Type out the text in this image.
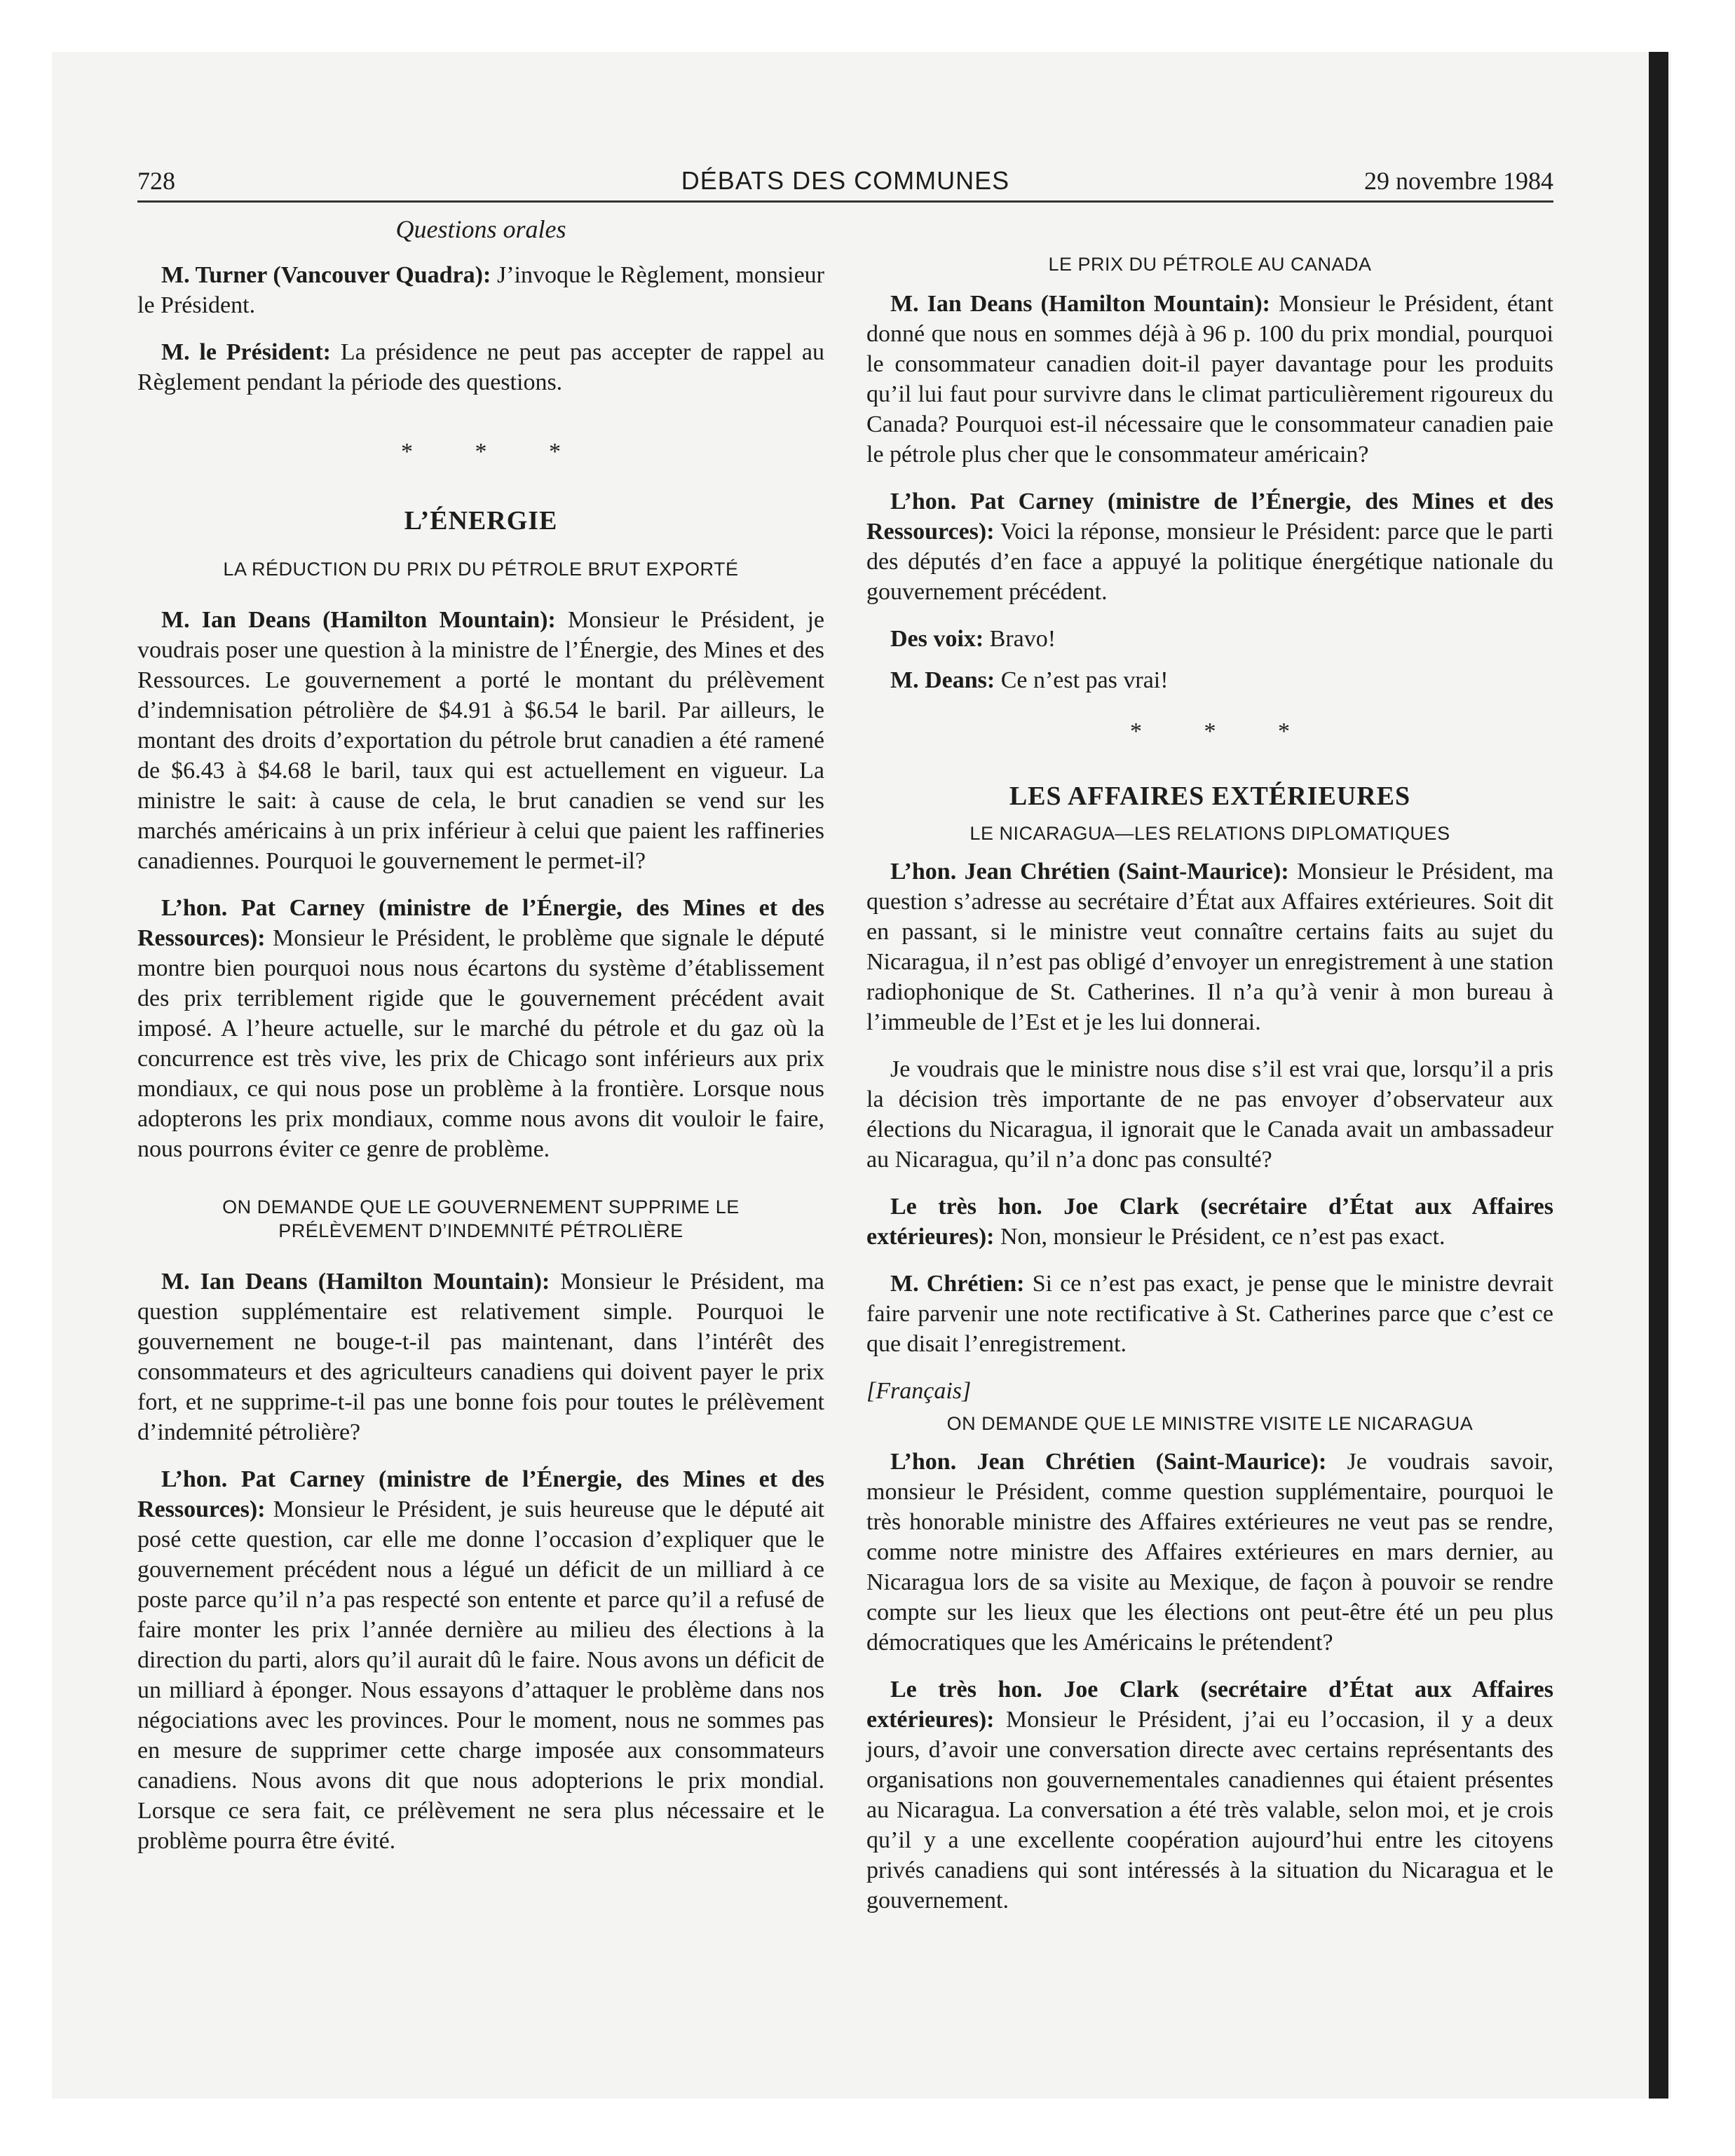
728	DÉBATS DES COMMUNES	29 novembre 1984

Questions orales

M. Turner (Vancouver Quadra): J’invoque le Règlement, monsieur le Président.

M. le Président: La présidence ne peut pas accepter de rappel au Règlement pendant la période des questions.

* * *

L’ÉNERGIE

LA RÉDUCTION DU PRIX DU PÉTROLE BRUT EXPORTÉ

M. Ian Deans (Hamilton Mountain): Monsieur le Président, je voudrais poser une question à la ministre de l’Énergie, des Mines et des Ressources. Le gouvernement a porté le montant du prélèvement d’indemnisation pétrolière de $4.91 à $6.54 le baril. Par ailleurs, le montant des droits d’exportation du pétrole brut canadien a été ramené de $6.43 à $4.68 le baril, taux qui est actuellement en vigueur. La ministre le sait: à cause de cela, le brut canadien se vend sur les marchés américains à un prix inférieur à celui que paient les raffineries canadiennes. Pourquoi le gouvernement le permet-il?

L’hon. Pat Carney (ministre de l’Énergie, des Mines et des Ressources): Monsieur le Président, le problème que signale le député montre bien pourquoi nous nous écartons du système d’établissement des prix terriblement rigide que le gouvernement précédent avait imposé. A l’heure actuelle, sur le marché du pétrole et du gaz où la concurrence est très vive, les prix de Chicago sont inférieurs aux prix mondiaux, ce qui nous pose un problème à la frontière. Lorsque nous adopterons les prix mondiaux, comme nous avons dit vouloir le faire, nous pourrons éviter ce genre de problème.

ON DEMANDE QUE LE GOUVERNEMENT SUPPRIME LE PRÉLÈVEMENT D’INDEMNITÉ PÉTROLIÈRE

M. Ian Deans (Hamilton Mountain): Monsieur le Président, ma question supplémentaire est relativement simple. Pourquoi le gouvernement ne bouge-t-il pas maintenant, dans l’intérêt des consommateurs et des agriculteurs canadiens qui doivent payer le prix fort, et ne supprime-t-il pas une bonne fois pour toutes le prélèvement d’indemnité pétrolière?

L’hon. Pat Carney (ministre de l’Énergie, des Mines et des Ressources): Monsieur le Président, je suis heureuse que le député ait posé cette question, car elle me donne l’occasion d’expliquer que le gouvernement précédent nous a légué un déficit de un milliard à ce poste parce qu’il n’a pas respecté son entente et parce qu’il a refusé de faire monter les prix l’année dernière au milieu des élections à la direction du parti, alors qu’il aurait dû le faire. Nous avons un déficit de un milliard à éponger. Nous essayons d’attaquer le problème dans nos négociations avec les provinces. Pour le moment, nous ne sommes pas en mesure de supprimer cette charge imposée aux consommateurs canadiens. Nous avons dit que nous adopterions le prix mondial. Lorsque ce sera fait, ce prélèvement ne sera plus nécessaire et le problème pourra être évité.

LE PRIX DU PÉTROLE AU CANADA

M. Ian Deans (Hamilton Mountain): Monsieur le Président, étant donné que nous en sommes déjà à 96 p. 100 du prix mondial, pourquoi le consommateur canadien doit-il payer davantage pour les produits qu’il lui faut pour survivre dans le climat particulièrement rigoureux du Canada? Pourquoi est-il nécessaire que le consommateur canadien paie le pétrole plus cher que le consommateur américain?

L’hon. Pat Carney (ministre de l’Énergie, des Mines et des Ressources): Voici la réponse, monsieur le Président: parce que le parti des députés d’en face a appuyé la politique énergétique nationale du gouvernement précédent.

Des voix: Bravo!

M. Deans: Ce n’est pas vrai!

* * *

LES AFFAIRES EXTÉRIEURES

LE NICARAGUA—LES RELATIONS DIPLOMATIQUES

L’hon. Jean Chrétien (Saint-Maurice): Monsieur le Président, ma question s’adresse au secrétaire d’État aux Affaires extérieures. Soit dit en passant, si le ministre veut connaître certains faits au sujet du Nicaragua, il n’est pas obligé d’envoyer un enregistrement à une station radiophonique de St. Catherines. Il n’a qu’à venir à mon bureau à l’immeuble de l’Est et je les lui donnerai.

Je voudrais que le ministre nous dise s’il est vrai que, lorsqu’il a pris la décision très importante de ne pas envoyer d’observateur aux élections du Nicaragua, il ignorait que le Canada avait un ambassadeur au Nicaragua, qu’il n’a donc pas consulté?

Le très hon. Joe Clark (secrétaire d’État aux Affaires extérieures): Non, monsieur le Président, ce n’est pas exact.

M. Chrétien: Si ce n’est pas exact, je pense que le ministre devrait faire parvenir une note rectificative à St. Catherines parce que c’est ce que disait l’enregistrement.

[Français]

ON DEMANDE QUE LE MINISTRE VISITE LE NICARAGUA

L’hon. Jean Chrétien (Saint-Maurice): Je voudrais savoir, monsieur le Président, comme question supplémentaire, pourquoi le très honorable ministre des Affaires extérieures ne veut pas se rendre, comme notre ministre des Affaires extérieures en mars dernier, au Nicaragua lors de sa visite au Mexique, de façon à pouvoir se rendre compte sur les lieux que les élections ont peut-être été un peu plus démocratiques que les Américains le prétendent?

Le très hon. Joe Clark (secrétaire d’État aux Affaires extérieures): Monsieur le Président, j’ai eu l’occasion, il y a deux jours, d’avoir une conversation directe avec certains représentants des organisations non gouvernementales canadiennes qui étaient présentes au Nicaragua. La conversation a été très valable, selon moi, et je crois qu’il y a une excellente coopération aujourd’hui entre les citoyens privés canadiens qui sont intéressés à la situation du Nicaragua et le gouvernement.
